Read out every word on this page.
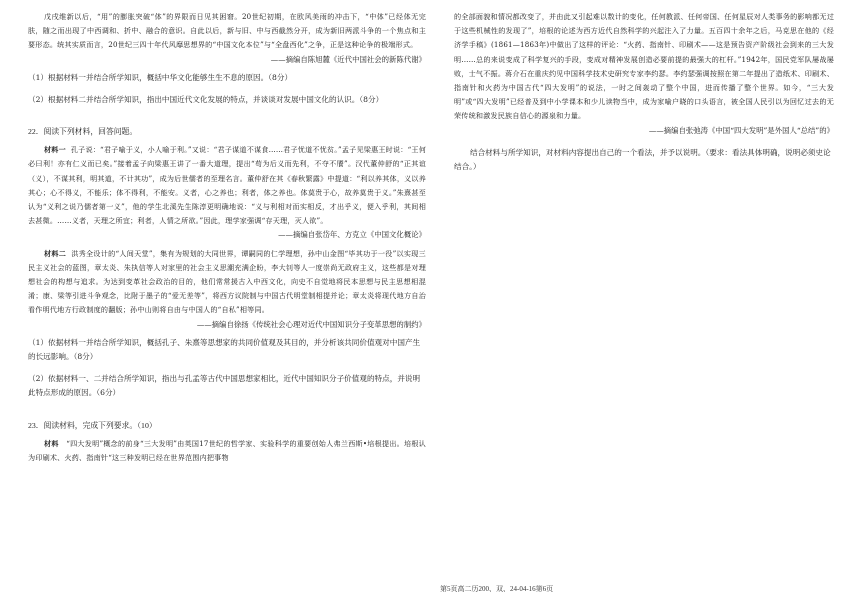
戊戌维新以后，“用”的膨胀突破“体”的界限而日见其困窘。20世纪初期，在欧风美雨的冲击下，“中体”已经体无完肤，随之而出现了中西调和、折中、融合的意识。自此以后，新与旧、中与西截然分开，成为新旧两派斗争的一个焦点和主要形态。统其实质而言，20世纪三四十年代风靡思想界的“中国文化本位”与“全盘西化”之争，正是这种论争的极端形式。

——摘编自陈旭麓《近代中国社会的新陈代谢》

（1）根据材料一并结合所学知识，概括中华文化能够生生不息的原因。（8分）

（2）根据材料二并结合所学知识，指出中国近代文化发展的特点，并谈谈对发展中国文化的认识。（8分）

22．阅读下列材料，回答问题。

材料一 孔子说：“君子喻于义，小人喻于利。”又说：“君子谋道不谋食……君子忧道不忧贫。”孟子见梁惠王时说：“王何必曰利！亦有仁义而已矣。”接着孟子向梁惠王讲了一番大道理，提出“苟为后义而先利，不夺不餍”。汉代董仲舒的“正其谊（义），不谋其利，明其道，不计其功”，成为后世儒者的至理名言。董仲舒在其《春秋繁露》中提道：“利以养其体，义以养其心；心不得义，不能乐；体不得利，不能安。义者，心之养也；利者，体之养也。体莫贵于心，故养莫贵于义。”朱熹甚至认为“义利之说乃儒者第一义”，他的学生北溪先生陈淳更明确地说：“义与利相对而实相反，才出乎义，便入乎利，其间相去甚微。……义者，天理之所宜；利者，人情之所欲。”因此，理学家强调“存天理，灭人欲”。

——摘编自张岱年、方克立《中国文化概论》

材料二 洪秀全设计的“人间天堂”，集有为规划的大同世界，谭嗣同的仁学理想，孙中山金图“毕其功于一役”以实现三民主义社会的蓝图，章太炎、朱执信等人对家里的社会主义思潮充满企盼，李大钊等人一度崇尚无政府主义，这些都是对理想社会的构想与追求。为达到变革社会政治的目的，他们常常援古入中西文化，向史不自觉地将民本思想与民主思想相混淆；康、梁等引进斗争观念，比附于墨子的“爱无差等”，将西方议院制与中国古代明堂制相提并论；章太炎将现代地方自治看作明代地方行政制度的翻版；孙中山则将自由与中国人的“自私”相等同。

——摘编自徐扬《传统社会心理对近代中国知识分子变革思想的制约》

（1）依据材料一并结合所学知识，概括孔子、朱熹等思想家的共同价值观及其目的，并分析该共同价值观对中国产生的长远影响。（8分）

（2）依据材料一、二并结合所学知识，指出与孔孟等古代中国思想家相比，近代中国知识分子价值观的特点，并说明此特点形成的原因。（6分）

23．阅读材料，完成下列要求。（10）

材料 “四大发明”概念的前身“三大发明”由英国17世纪的哲学家、实验科学的重要创始人弗兰西斯•培根提出。培根认为印刷术、火药、指南针“这三种发明已经在世界范围内把事物

的全部面貌和情况都改变了，并由此又引起难以数计的变化，任何教派、任何帝国、任何星辰对人类事务的影响都无过于这些机械性的发现了”，培根的论述为西方近代自然科学的兴起注入了力量。五百四十余年之后，马克思在他的《经济学手稿》(1861—1863年)中做出了这样的评论：“火药、指南针、印刷术——这是预告资产阶级社会到来的三大发明……总的来说变成了科学复兴的手段，变成对精神发展创造必要前提的最强大的杠杆。”1942年，国民党军队屡战屡败，士气不振。蒋介石在重庆约见中国科学技术史研究专家李约瑟。李约瑟强调按照在第二年提出了造纸术、印刷术、指南针和火药为中国古代“四大发明”的说法，一时之间轰动了整个中国，进而传播了整个世界。如今，“三大发明”或“四大发明”已经普及到中小学课本和少儿读物当中，成为家喻户晓的口头语言，被全国人民引以为回忆过去的无荣传统和激发民族自信心的源泉和力量。

——摘编自张弛涛《中国“四大发明”是外国人“总结”的》

结合材料与所学知识，对材料内容提出自己的一个看法，并予以说明。（要求：看法具体明确，说明必须史论结合。）

第5页高二历200、双、24-04-16第6页
